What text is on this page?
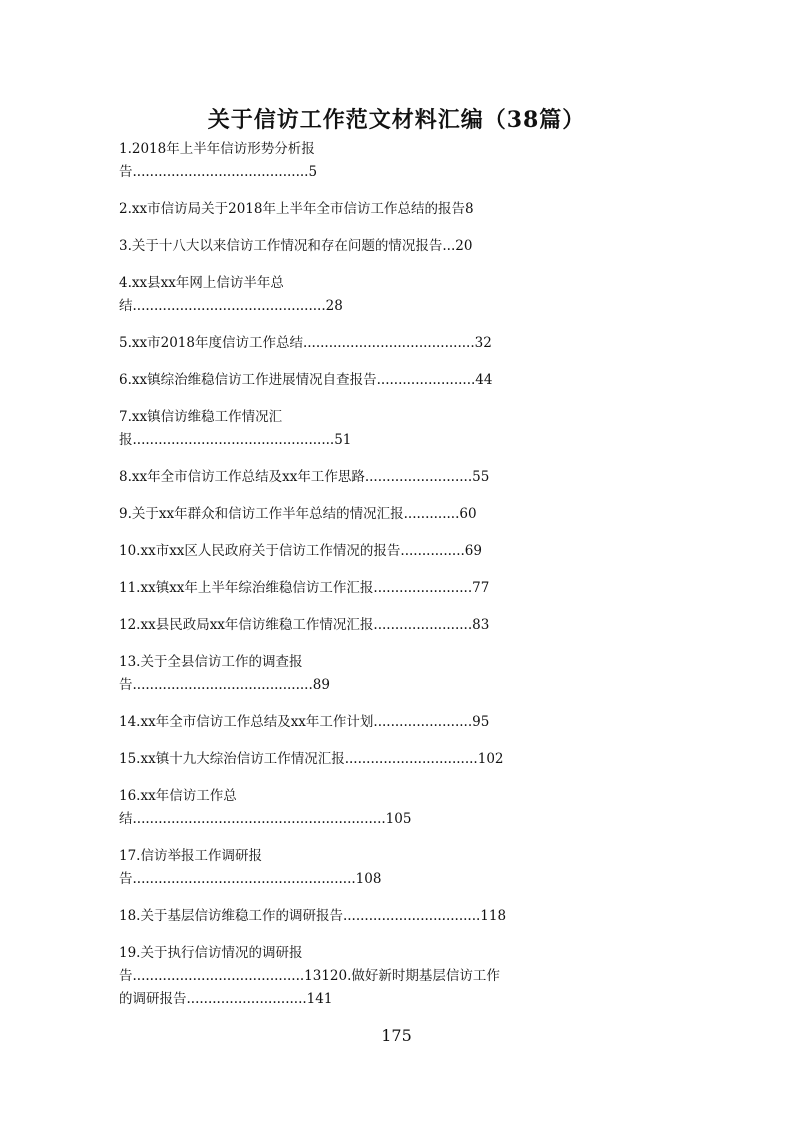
关于信访工作范文材料汇编（38篇）
1.2018年上半年信访形势分析报
告.........................................5
2.xx市信访局关于2018年上半年全市信访工作总结的报告8
3.关于十八大以来信访工作情况和存在问题的情况报告...20
4.xx县xx年网上信访半年总
结.............................................28
5.xx市2018年度信访工作总结........................................32
6.xx镇综治维稳信访工作进展情况自查报告.......................44
7.xx镇信访维稳工作情况汇
报...............................................51
8.xx年全市信访工作总结及xx年工作思路.........................55
9.关于xx年群众和信访工作半年总结的情况汇报.............60
10.xx市xx区人民政府关于信访工作情况的报告...............69
11.xx镇xx年上半年综治维稳信访工作汇报.......................77
12.xx县民政局xx年信访维稳工作情况汇报.......................83
13.关于全县信访工作的调查报
告..........................................89
14.xx年全市信访工作总结及xx年工作计划.......................95
15.xx镇十九大综治信访工作情况汇报...............................102
16.xx年信访工作总
结...........................................................105
17.信访举报工作调研报
告....................................................108
18.关于基层信访维稳工作的调研报告................................118
19.关于执行信访情况的调研报
告........................................13120.做好新时期基层信访工作
的调研报告............................141
175
